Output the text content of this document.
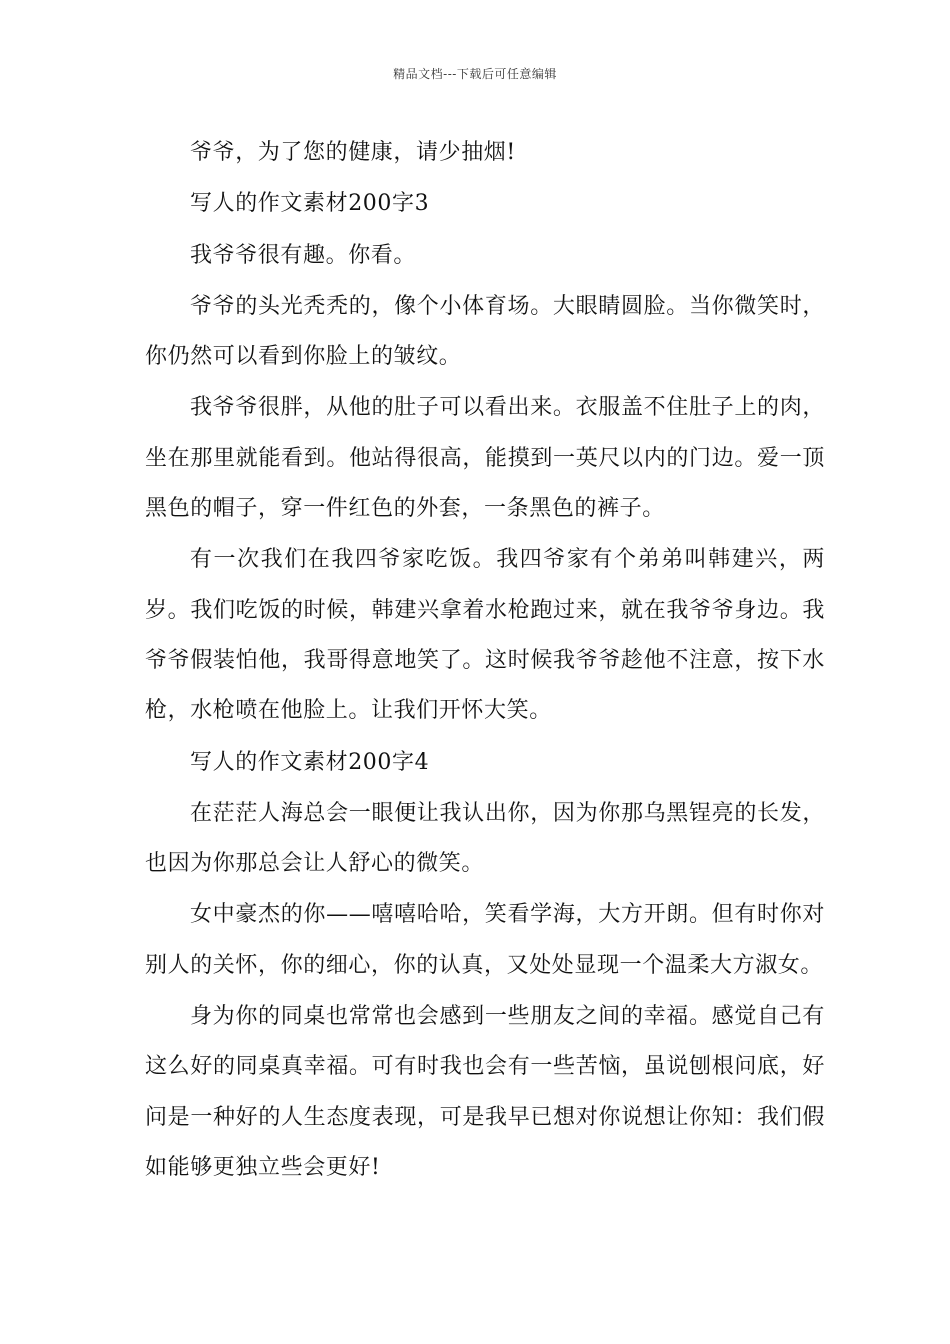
精品文档---下载后可任意编辑

爷爷，为了您的健康，请少抽烟!

写人的作文素材200字3

我爷爷很有趣。你看。

爷爷的头光秃秃的，像个小体育场。大眼睛圆脸。当你微笑时，你仍然可以看到你脸上的皱纹。

我爷爷很胖，从他的肚子可以看出来。衣服盖不住肚子上的肉，坐在那里就能看到。他站得很高，能摸到一英尺以内的门边。爱一顶黑色的帽子，穿一件红色的外套，一条黑色的裤子。

有一次我们在我四爷家吃饭。我四爷家有个弟弟叫韩建兴，两岁。我们吃饭的时候，韩建兴拿着水枪跑过来，就在我爷爷身边。我爷爷假装怕他，我哥得意地笑了。这时候我爷爷趁他不注意，按下水枪，水枪喷在他脸上。让我们开怀大笑。

写人的作文素材200字4

在茫茫人海总会一眼便让我认出你，因为你那乌黑锃亮的长发，也因为你那总会让人舒心的微笑。

女中豪杰的你——嘻嘻哈哈，笑看学海，大方开朗。但有时你对别人的关怀，你的细心，你的认真，又处处显现一个温柔大方淑女。

身为你的同桌也常常也会感到一些朋友之间的幸福。感觉自己有这么好的同桌真幸福。可有时我也会有一些苦恼，虽说刨根问底，好问是一种好的人生态度表现，可是我早已想对你说想让你知：我们假如能够更独立些会更好!
